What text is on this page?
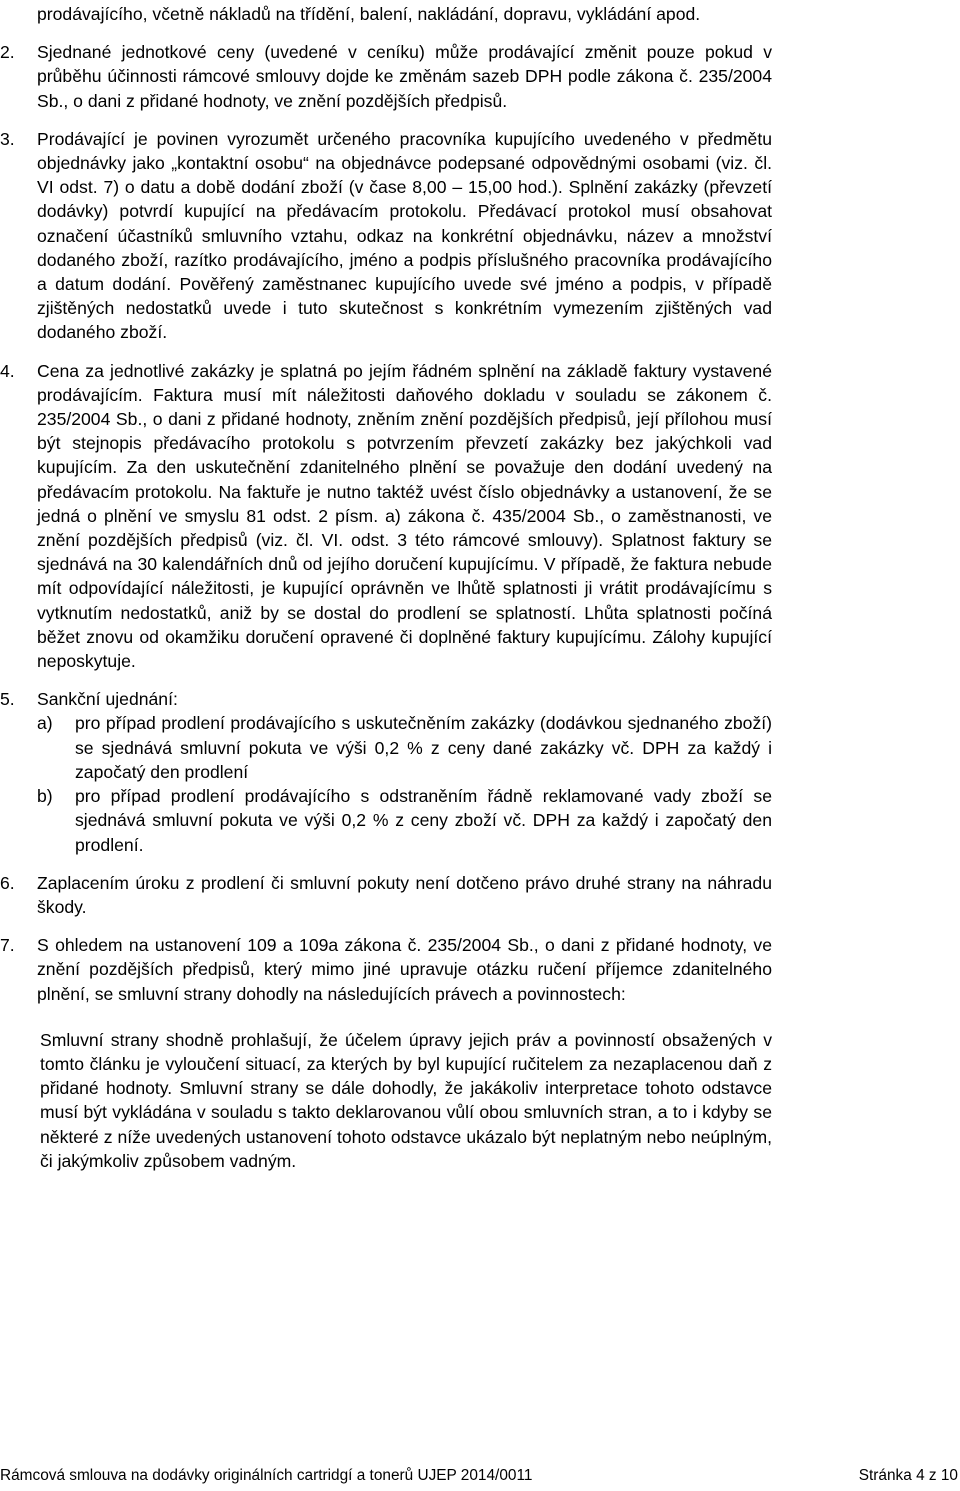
prodávajícího, včetně nákladů na třídění, balení, nakládání, dopravu, vykládání apod.

2.	Sjednané jednotkové ceny (uvedené v ceníku) může prodávající změnit pouze pokud v průběhu účinnosti rámcové smlouvy dojde ke změnám sazeb DPH podle zákona č. 235/2004 Sb., o dani z přidané hodnoty, ve znění pozdějších předpisů.
3.	Prodávající je povinen vyrozumět určeného pracovníka kupujícího uvedeného v předmětu objednávky jako „kontaktní osobu“ na objednávce podepsané odpovědnými osobami (viz. čl. VI odst. 7) o datu a době dodání zboží (v čase 8,00 – 15,00 hod.). Splnění zakázky (převzetí dodávky) potvrdí kupující na předávacím protokolu. Předávací protokol musí obsahovat označení účastníků smluvního vztahu, odkaz na konkrétní objednávku, název a množství dodaného zboží, razítko prodávajícího, jméno a podpis příslušného pracovníka prodávajícího a datum dodání. Pověřený zaměstnanec kupujícího uvede své jméno a podpis, v případě zjištěných nedostatků uvede i tuto skutečnost s konkrétním vymezením zjištěných vad dodaného zboží.
4.	Cena za jednotlivé zakázky je splatná po jejím řádném splnění na základě faktury vystavené prodávajícím. Faktura musí mít náležitosti daňového dokladu v souladu se zákonem č. 235/2004 Sb., o dani z přidané hodnoty, zněním znění pozdějších předpisů, její přílohou musí být stejnopis předávacího protokolu s potvrzením převzetí zakázky bez jakýchkoli vad kupujícím. Za den uskutečnění zdanitelného plnění se považuje den dodání uvedený na předávacím protokolu. Na faktuře je nutno taktéž uvést číslo objednávky a ustanovení, že se jedná o plnění ve smyslu 81 odst. 2 písm. a) zákona č. 435/2004 Sb., o zaměstnanosti, ve znění pozdějších předpisů (viz. čl. VI. odst. 3 této rámcové smlouvy). Splatnost faktury se sjednává na 30 kalendářních dnů od jejího doručení kupujícímu. V případě, že faktura nebude mít odpovídající náležitosti, je kupující oprávněn ve lhůtě splatnosti ji vrátit prodávajícímu s vytknutím nedostatků, aniž by se dostal do prodlení se splatností. Lhůta splatnosti počíná běžet znovu od okamžiku doručení opravené či doplněné faktury kupujícímu. Zálohy kupující neposkytuje.
5.	Sankční ujednání:
a)	pro případ prodlení prodávajícího s uskutečněním zakázky (dodávkou sjednaného zboží) se sjednává smluvní pokuta ve výši 0,2 % z ceny dané zakázky vč. DPH za každý i započatý den prodlení
b)	pro případ prodlení prodávajícího s odstraněním řádně reklamované vady zboží se sjednává smluvní pokuta ve výši 0,2 % z ceny zboží vč. DPH za každý i započatý den prodlení.
6.	Zaplacením úroku z prodlení či smluvní pokuty není dotčeno právo druhé strany na náhradu škody.
7.	S ohledem na ustanovení 109 a 109a zákona č. 235/2004 Sb., o dani z přidané hodnoty, ve znění pozdějších předpisů, který mimo jiné upravuje otázku ručení příjemce zdanitelného plnění, se smluvní strany dohodly na následujících právech a povinnostech:

Smluvní strany shodně prohlašují, že účelem úpravy jejich práv a povinností obsažených v tomto článku je vyloučení situací, za kterých by byl kupující ručitelem za nezaplacenou daň z přidané hodnoty. Smluvní strany se dále dohodly, že jakákoliv interpretace tohoto odstavce musí být vykládána v souladu s takto deklarovanou vůlí obou smluvních stran, a to i kdyby se některé z níže uvedených ustanovení tohoto odstavce ukázalo být neplatným nebo neúplným, či jakýmkoliv způsobem vadným.

Rámcová smlouva na dodávky originálních cartridgí a tonerů UJEP 2014/0011	Stránka 4 z 10
